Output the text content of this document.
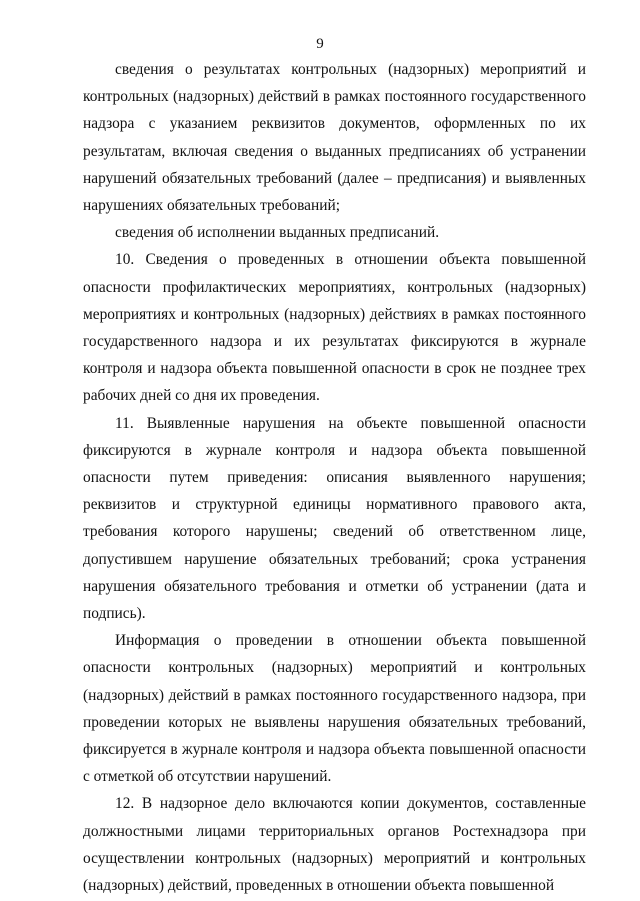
9

сведения о результатах контрольных (надзорных) мероприятий и контрольных (надзорных) действий в рамках постоянного государственного надзора с указанием реквизитов документов, оформленных по их результатам, включая сведения о выданных предписаниях об устранении нарушений обязательных требований (далее – предписания) и выявленных нарушениях обязательных требований;

сведения об исполнении выданных предписаний.

10. Сведения о проведенных в отношении объекта повышенной опасности профилактических мероприятиях, контрольных (надзорных) мероприятиях и контрольных (надзорных) действиях в рамках постоянного государственного надзора и их результатах фиксируются в журнале контроля и надзора объекта повышенной опасности в срок не позднее трех рабочих дней со дня их проведения.

11. Выявленные нарушения на объекте повышенной опасности фиксируются в журнале контроля и надзора объекта повышенной опасности путем приведения: описания выявленного нарушения; реквизитов и структурной единицы нормативного правового акта, требования которого нарушены; сведений об ответственном лице, допустившем нарушение обязательных требований; срока устранения нарушения обязательного требования и отметки об устранении (дата и подпись).

Информация о проведении в отношении объекта повышенной опасности контрольных (надзорных) мероприятий и контрольных (надзорных) действий в рамках постоянного государственного надзора, при проведении которых не выявлены нарушения обязательных требований, фиксируется в журнале контроля и надзора объекта повышенной опасности с отметкой об отсутствии нарушений.

12. В надзорное дело включаются копии документов, составленные должностными лицами территориальных органов Ростехнадзора при осуществлении контрольных (надзорных) мероприятий и контрольных (надзорных) действий, проведенных в отношении объекта повышенной
